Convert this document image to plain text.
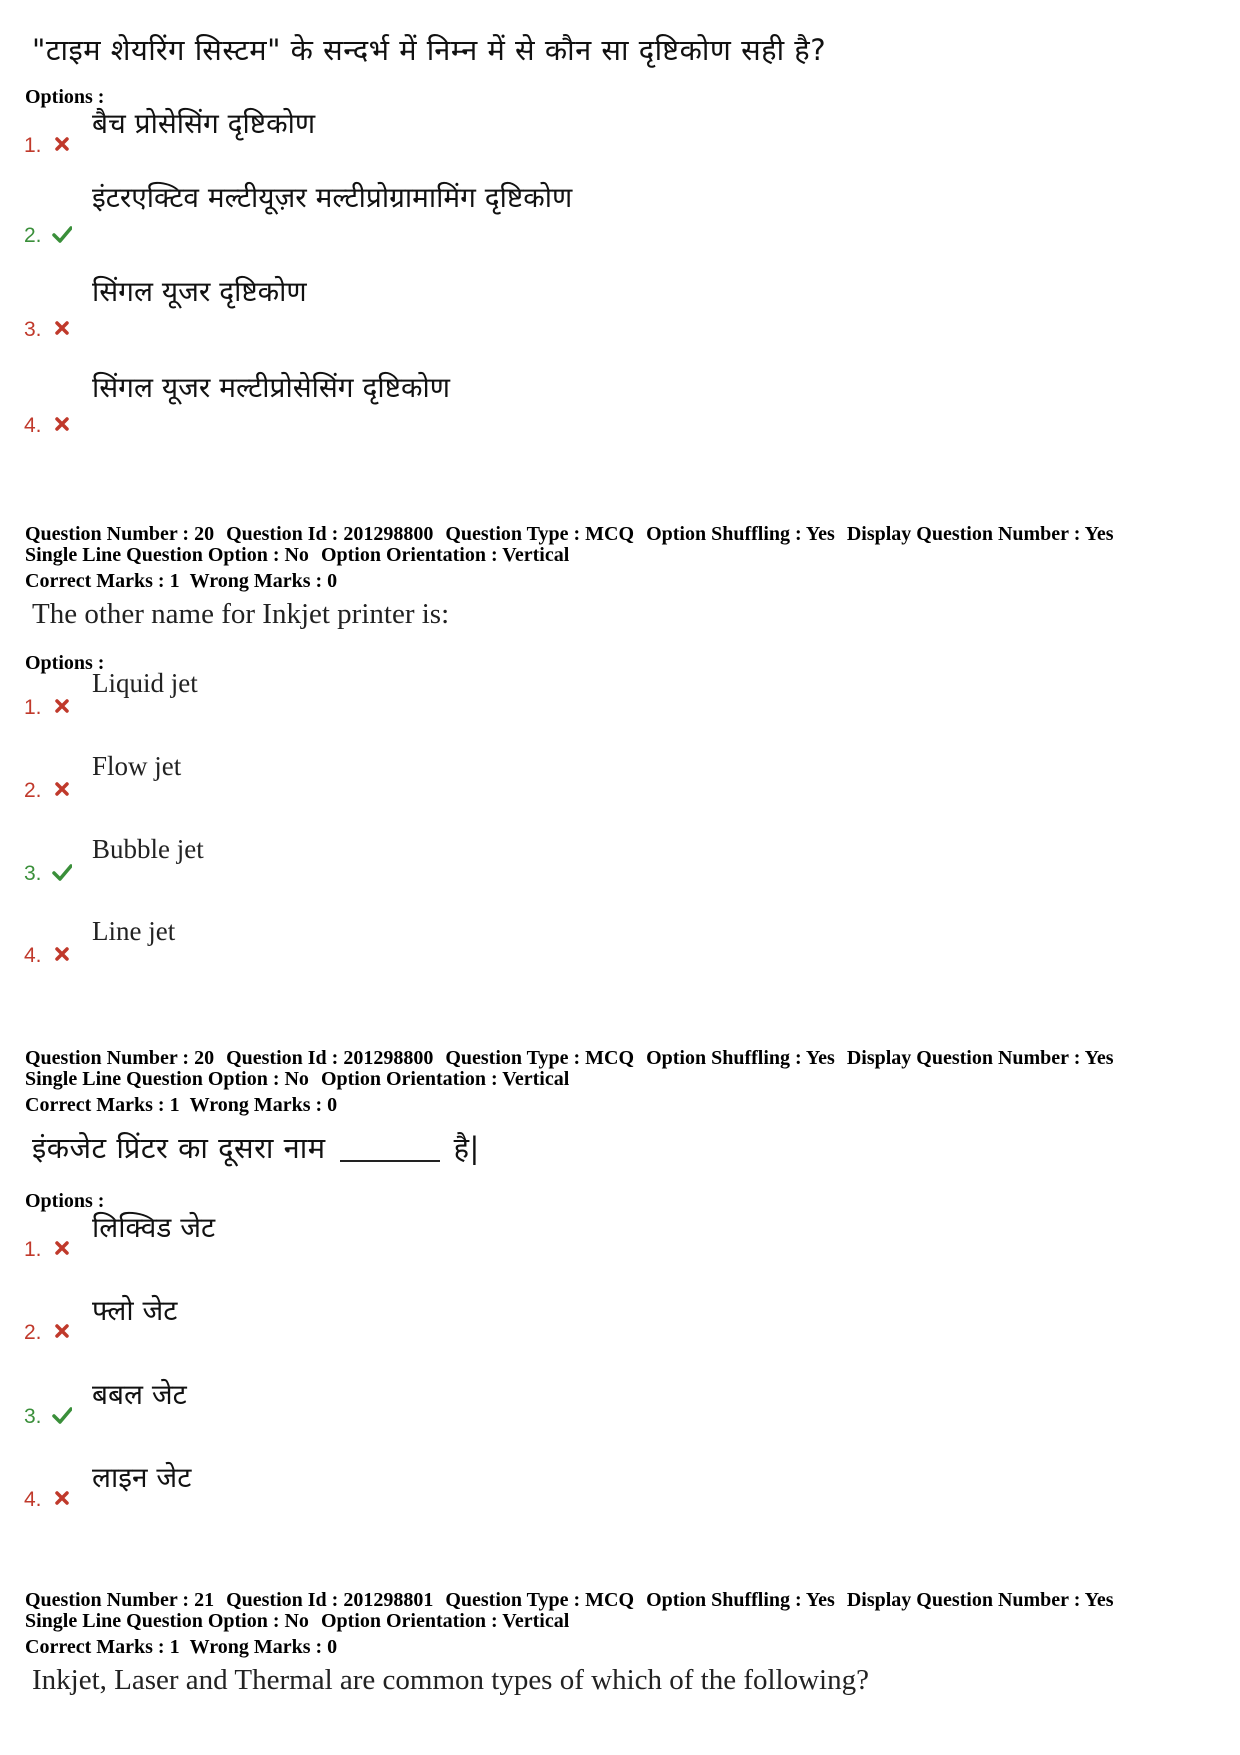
"टाइम शेयरिंग सिस्टम" के सन्दर्भ में निम्न में से कौन सा दृष्टिकोण सही है?
Options :
1.
बैच प्रोसेसिंग दृष्टिकोण
2.
इंटरएक्टिव मल्टीयूज़र मल्टीप्रोग्रामामिंग दृष्टिकोण
3.
सिंगल यूजर दृष्टिकोण
4.
सिंगल यूजर मल्टीप्रोसेसिंग दृष्टिकोण
Question Number : 20 Question Id : 201298800 Question Type : MCQ Option Shuffling : Yes Display Question Number : Yes
Single Line Question Option : No Option Orientation : Vertical
Correct Marks : 1 Wrong Marks : 0
The other name for Inkjet printer is:
Options :
1.
Liquid jet
2.
Flow jet
3.
Bubble jet
4.
Line jet
Question Number : 20 Question Id : 201298800 Question Type : MCQ Option Shuffling : Yes Display Question Number : Yes
Single Line Question Option : No Option Orientation : Vertical
Correct Marks : 1 Wrong Marks : 0
इंकजेट प्रिंटर का दूसरा नाम	है|
Options :
1.
लिक्विड जेट
2.
फ्लो जेट
3.
बबल जेट
4.
लाइन जेट
Question Number : 21 Question Id : 201298801 Question Type : MCQ Option Shuffling : Yes Display Question Number : Yes
Single Line Question Option : No Option Orientation : Vertical
Correct Marks : 1 Wrong Marks : 0
Inkjet, Laser and Thermal are common types of which of the following?
